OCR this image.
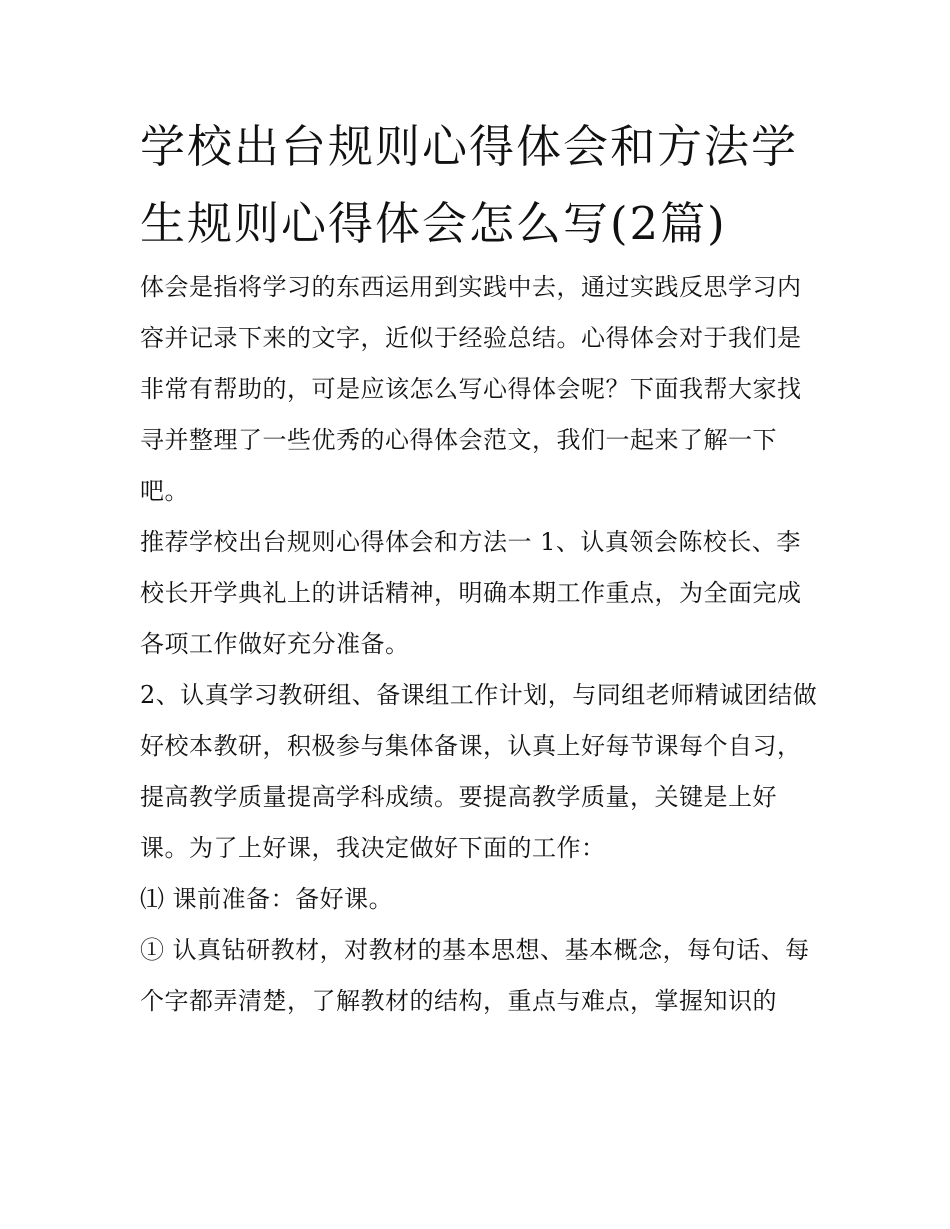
学校出台规则心得体会和方法学生规则心得体会怎么写(2篇)

体会是指将学习的东西运用到实践中去，通过实践反思学习内容并记录下来的文字，近似于经验总结。心得体会对于我们是非常有帮助的，可是应该怎么写心得体会呢？下面我帮大家找寻并整理了一些优秀的心得体会范文，我们一起来了解一下吧。

推荐学校出台规则心得体会和方法一 1、认真领会陈校长、李校长开学典礼上的讲话精神，明确本期工作重点，为全面完成各项工作做好充分准备。

2、认真学习教研组、备课组工作计划，与同组老师精诚团结做好校本教研，积极参与集体备课，认真上好每节课每个自习，提高教学质量提高学科成绩。要提高教学质量，关键是上好课。为了上好课，我决定做好下面的工作：

⑴ 课前准备：备好课。

① 认真钻研教材，对教材的基本思想、基本概念，每句话、每个字都弄清楚，了解教材的结构，重点与难点，掌握知识的
